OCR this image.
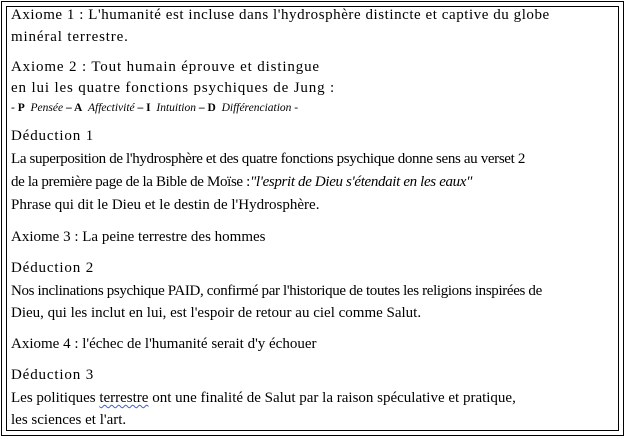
Axiome 1 : L'humanité est incluse dans l'hydrosphère distincte et captive du globe
minéral terrestre.
Axiome 2 : Tout humain éprouve et distingue
en lui les quatre fonctions psychiques de Jung :
- P Pensée – A Affectivité – I Intuition – D Différenciation -
Déduction 1
La superposition de l'hydrosphère et des quatre fonctions psychique donne sens au verset 2
de la première page de la Bible de Moïse :"l'esprit de Dieu s'étendait en les eaux"
Phrase qui dit le Dieu et le destin de l'Hydrosphère.
Axiome 3 : La peine terrestre des hommes
Déduction 2
Nos inclinations psychique PAID, confirmé par l'historique de toutes les religions inspirées de
Dieu, qui les inclut en lui, est l'espoir de retour au ciel comme Salut.
Axiome 4 : l'échec de l'humanité serait d'y échouer
Déduction 3
Les politiques terrestre ont une finalité de Salut par la raison spéculative et pratique,
les sciences et l'art.
